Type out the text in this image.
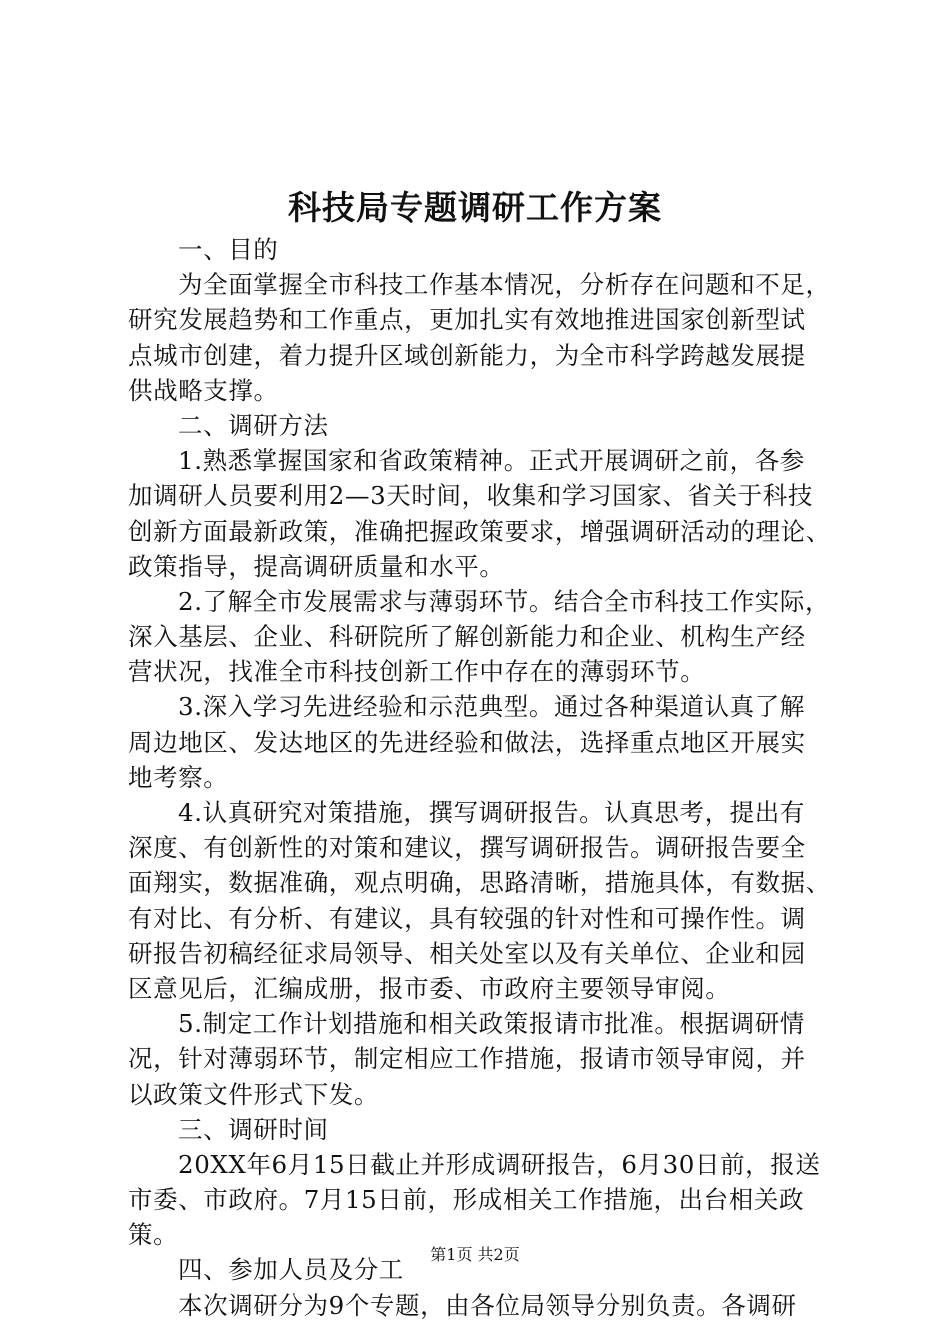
科技局专题调研工作方案
一、目的
为全面掌握全市科技工作基本情况，分析存在问题和不足，
研究发展趋势和工作重点，更加扎实有效地推进国家创新型试
点城市创建，着力提升区域创新能力，为全市科学跨越发展提
供战略支撑。
二、调研方法
1.熟悉掌握国家和省政策精神。正式开展调研之前，各参
加调研人员要利用2—3天时间，收集和学习国家、省关于科技
创新方面最新政策，准确把握政策要求，增强调研活动的理论、
政策指导，提高调研质量和水平。
2.了解全市发展需求与薄弱环节。结合全市科技工作实际，
深入基层、企业、科研院所了解创新能力和企业、机构生产经
营状况，找准全市科技创新工作中存在的薄弱环节。
3.深入学习先进经验和示范典型。通过各种渠道认真了解
周边地区、发达地区的先进经验和做法，选择重点地区开展实
地考察。
4.认真研究对策措施，撰写调研报告。认真思考，提出有
深度、有创新性的对策和建议，撰写调研报告。调研报告要全
面翔实，数据准确，观点明确，思路清晰，措施具体，有数据、
有对比、有分析、有建议，具有较强的针对性和可操作性。调
研报告初稿经征求局领导、相关处室以及有关单位、企业和园
区意见后，汇编成册，报市委、市政府主要领导审阅。
5.制定工作计划措施和相关政策报请市批准。根据调研情
况，针对薄弱环节，制定相应工作措施，报请市领导审阅，并
以政策文件形式下发。
三、调研时间
20XX年6月15日截止并形成调研报告，6月30日前，报送
市委、市政府。7月15日前，形成相关工作措施，出台相关政
策。
四、参加人员及分工
本次调研分为9个专题，由各位局领导分别负责。各调研
第1页 共2页
